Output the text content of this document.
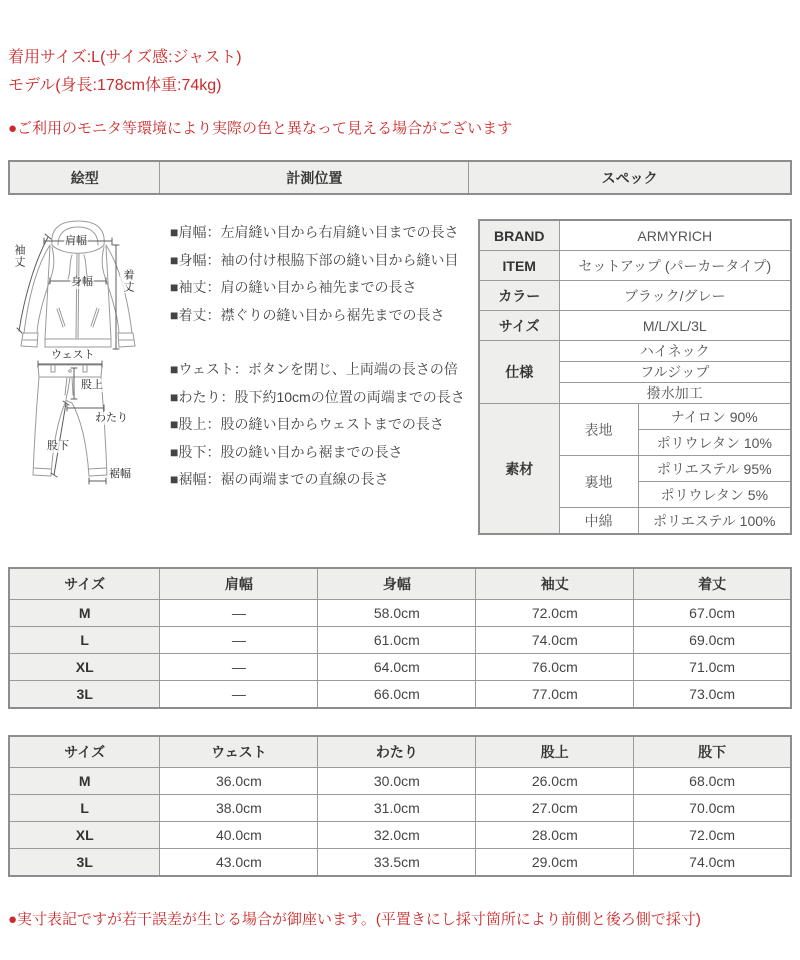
着用サイズ:L(サイズ感:ジャスト)
モデル(身長:178cm体重:74kg)
●ご利用のモニタ等環境により実際の色と異なって見える場合がございます
絵型	計測位置	スペック
肩幅
袖丈
身幅	着丈
ウェスト
股上
わたり
股下
裾幅
■肩幅：左肩縫い目から右肩縫い目までの長さ
■身幅：袖の付け根脇下部の縫い目から縫い目
■袖丈：肩の縫い目から袖先までの長さ
■着丈：襟ぐりの縫い目から裾先までの長さ
■ウェスト：ボタンを閉じ、上両端の長さの倍
■わたり：股下約10cmの位置の両端までの長さ
■股上：股の縫い目からウェストまでの長さ
■股下：股の縫い目から裾までの長さ
■裾幅：裾の両端までの直線の長さ
BRAND	ARMYRICH	
ITEM	セットアップ (パーカータイプ)	
カラー	ブラック/グレー	
サイズ	M/L/XL/3L	
仕様	ハイネック	
	フルジップ	
	撥水加工	
素材	表地	ナイロン 90%
		ポリウレタン 10%
	裏地	ポリエステル 95%
		ポリウレタン 5%
	中綿	ポリエステル 100%
サイズ	肩幅	身幅	袖丈	着丈
M	—	58.0cm	72.0cm	67.0cm
L	—	61.0cm	74.0cm	69.0cm
XL	—	64.0cm	76.0cm	71.0cm
3L	—	66.0cm	77.0cm	73.0cm
サイズ	ウェスト	わたり	股上	股下
M	36.0cm	30.0cm	26.0cm	68.0cm
L	38.0cm	31.0cm	27.0cm	70.0cm
XL	40.0cm	32.0cm	28.0cm	72.0cm
3L	43.0cm	33.5cm	29.0cm	74.0cm
●実寸表記ですが若干誤差が生じる場合が御座います。(平置きにし採寸箇所により前側と後ろ側で採寸)
